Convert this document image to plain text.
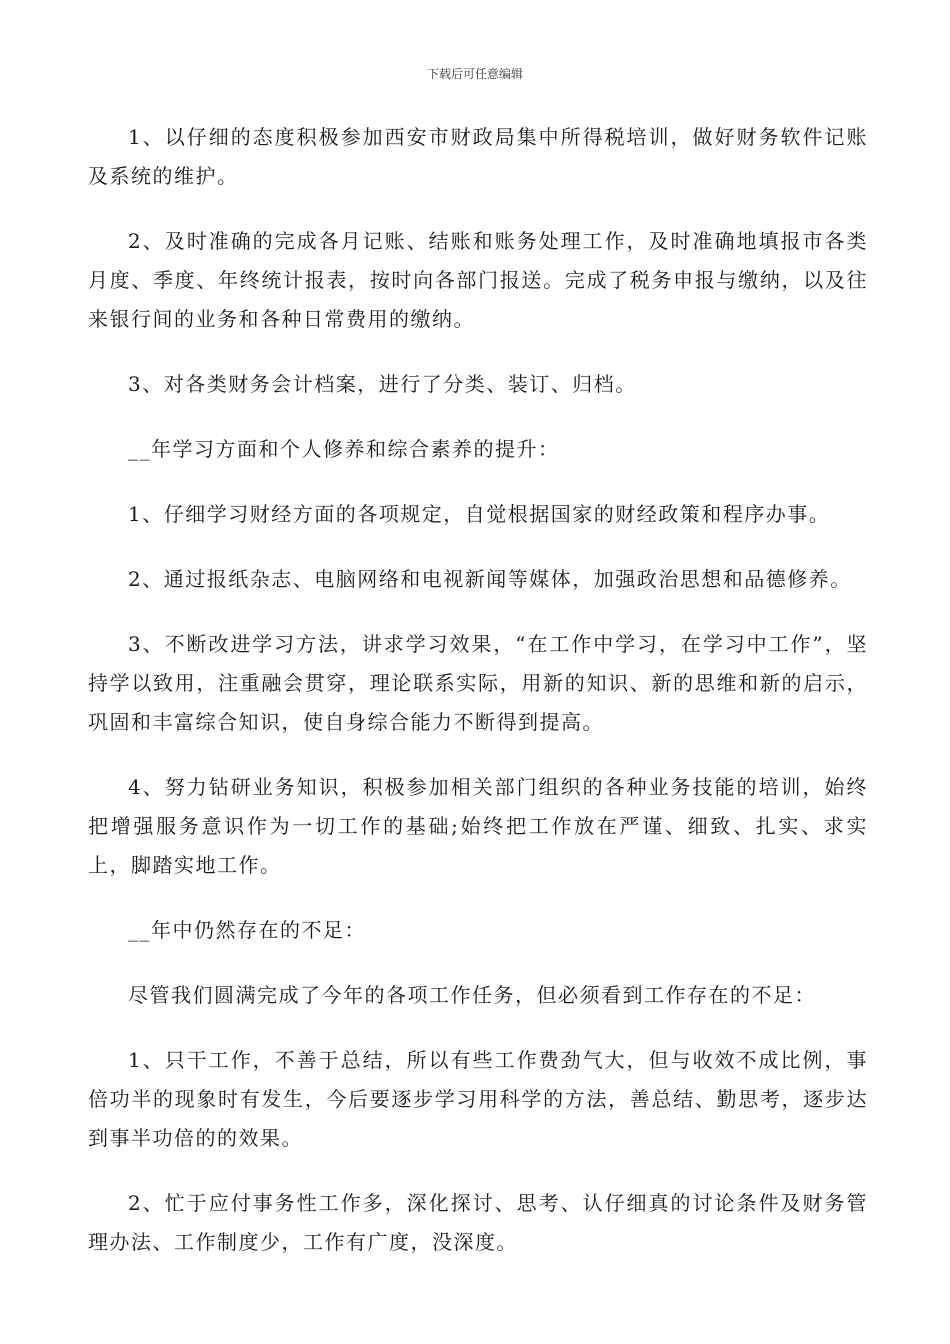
下载后可任意编辑

1、以仔细的态度积极参加西安市财政局集中所得税培训，做好财务软件记账及系统的维护。

2、及时准确的完成各月记账、结账和账务处理工作，及时准确地填报市各类月度、季度、年终统计报表，按时向各部门报送。完成了税务申报与缴纳，以及往来银行间的业务和各种日常费用的缴纳。

3、对各类财务会计档案，进行了分类、装订、归档。

__年学习方面和个人修养和综合素养的提升：

1、仔细学习财经方面的各项规定，自觉根据国家的财经政策和程序办事。

2、通过报纸杂志、电脑网络和电视新闻等媒体，加强政治思想和品德修养。

3、不断改进学习方法，讲求学习效果，“在工作中学习，在学习中工作”，坚持学以致用，注重融会贯穿，理论联系实际，用新的知识、新的思维和新的启示，巩固和丰富综合知识，使自身综合能力不断得到提高。

4、努力钻研业务知识，积极参加相关部门组织的各种业务技能的培训，始终把增强服务意识作为一切工作的基础;始终把工作放在严谨、细致、扎实、求实上，脚踏实地工作。

__年中仍然存在的不足：

尽管我们圆满完成了今年的各项工作任务，但必须看到工作存在的不足：

1、只干工作，不善于总结，所以有些工作费劲气大，但与收效不成比例，事倍功半的现象时有发生，今后要逐步学习用科学的方法，善总结、勤思考，逐步达到事半功倍的的效果。

2、忙于应付事务性工作多，深化探讨、思考、认仔细真的讨论条件及财务管理办法、工作制度少，工作有广度，没深度。
